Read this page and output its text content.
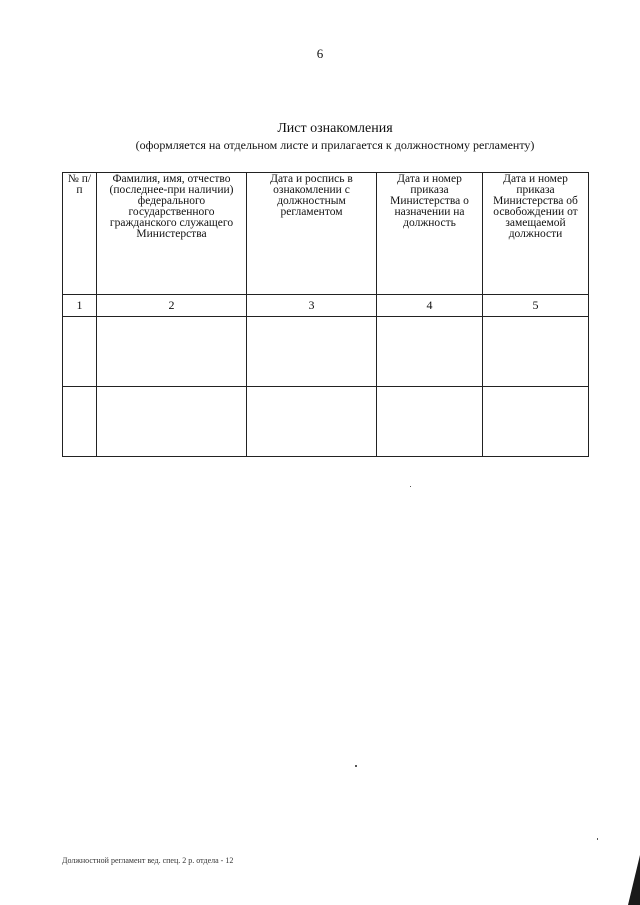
6
Лист ознакомления
(оформляется на отдельном листе и прилагается к должностному регламенту)
№ п/п	Фамилия, имя, отчество (последнее-при наличии) федерального государственного гражданского служащего Министерства	Дата и роспись в ознакомлении с должностным регламентом	Дата и номер приказа Министерства о назначении на должность	Дата и номер приказа Министерства об освобождении от замещаемой должности

1	2	3	4	5

Должностной регламент вед. спец. 2 р. отдела - 12
